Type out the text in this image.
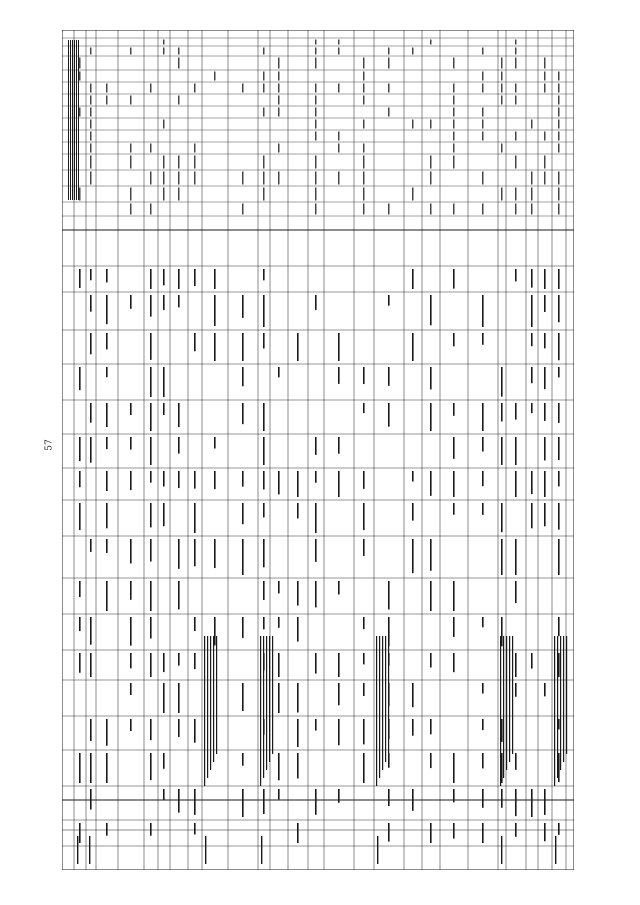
57
